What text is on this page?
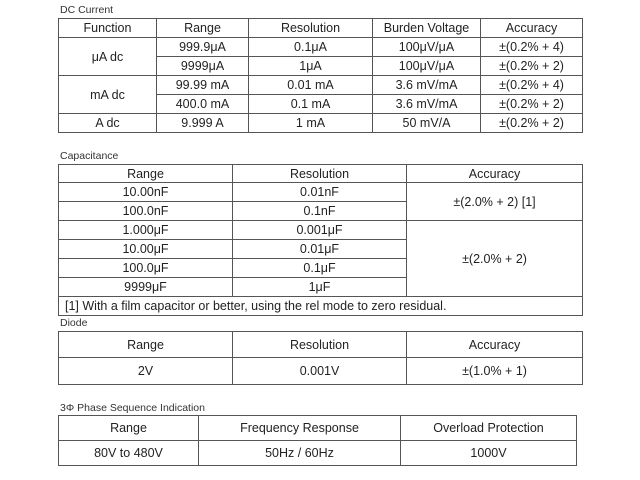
DC Current
Function	Range	Resolution	Burden Voltage	Accuracy
μA dc	999.9μA	0.1μA	100μV/μA	±(0.2% + 4)
	9999μA	1μA	100μV/μA	±(0.2% + 2)
mA dc	99.99 mA	0.01 mA	3.6 mV/mA	±(0.2% + 4)
	400.0 mA	0.1 mA	3.6 mV/mA	±(0.2% + 2)
A dc	9.999 A	1 mA	50 mV/A	±(0.2% + 2)
Capacitance
Range	Resolution	Accuracy
10.00nF	0.01nF	±(2.0% + 2) [1]
100.0nF	0.1nF	
1.000μF	0.001μF	±(2.0% + 2)
10.00μF	0.01μF	
100.0μF	0.1μF	
9999μF	1μF	
[1] With a film capacitor or better, using the rel mode to zero residual.		
Diode
Range	Resolution	Accuracy
2V	0.001V	±(1.0% + 1)
3Φ Phase Sequence Indication
Range	Frequency Response	Overload Protection
80V to 480V	50Hz / 60Hz	1000V
